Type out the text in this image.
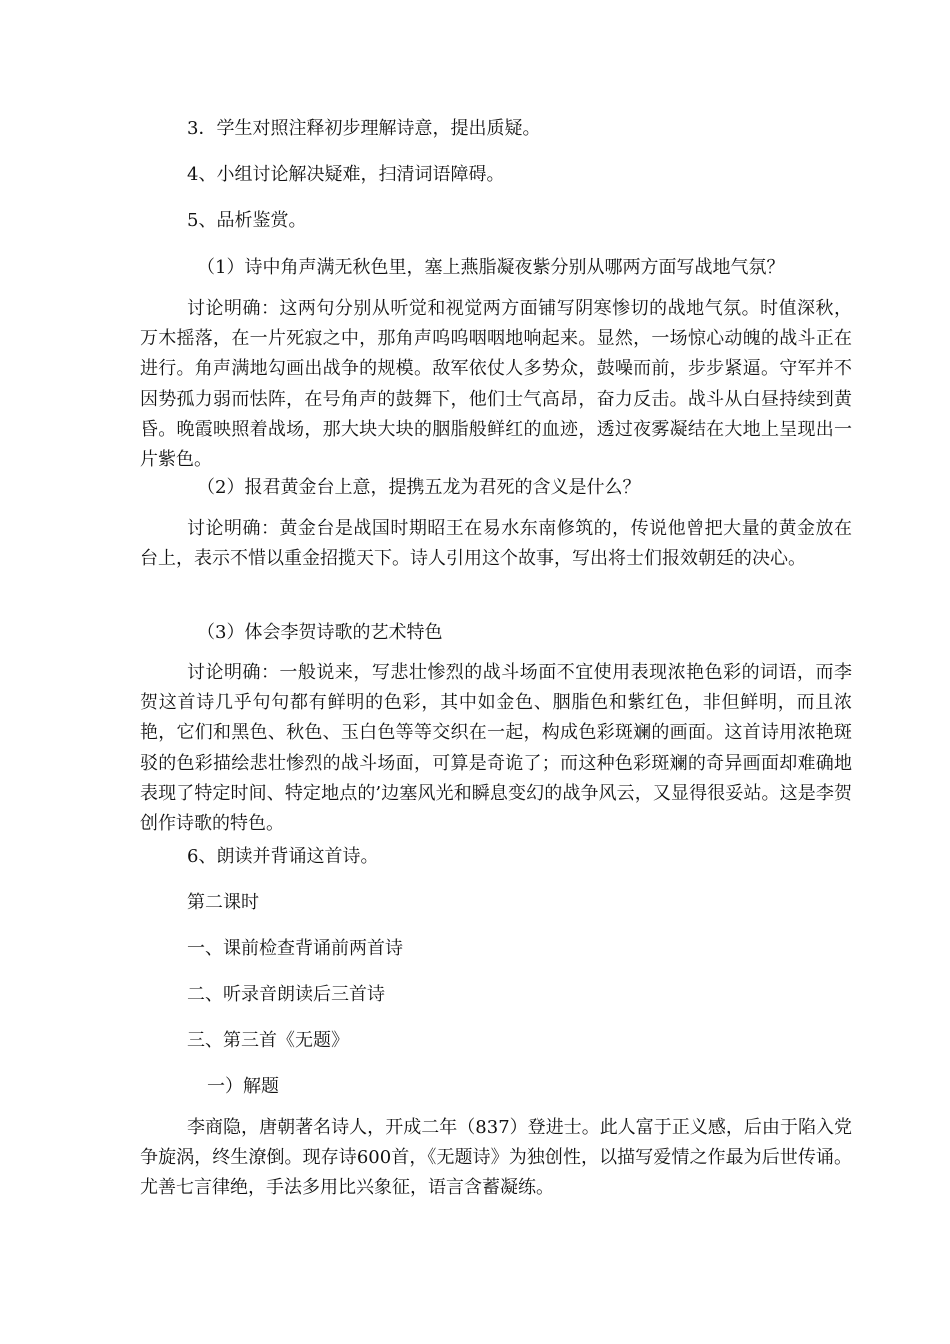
3．学生对照注释初步理解诗意，提出质疑。

4、小组讨论解决疑难，扫清词语障碍。

5、品析鉴赏。

（1）诗中角声满无秋色里，塞上燕脂凝夜紫分别从哪两方面写战地气氛？

讨论明确：这两句分别从听觉和视觉两方面铺写阴寒惨切的战地气氛。时值深秋，万木摇落，在一片死寂之中，那角声呜呜咽咽地响起来。显然，一场惊心动魄的战斗正在进行。角声满地勾画出战争的规模。敌军依仗人多势众，鼓噪而前，步步紧逼。守军并不因势孤力弱而怯阵，在号角声的鼓舞下，他们士气高昂，奋力反击。战斗从白昼持续到黄昏。晚霞映照着战场，那大块大块的胭脂般鲜红的血迹，透过夜雾凝结在大地上呈现出一片紫色。

（2）报君黄金台上意，提携五龙为君死的含义是什么？

讨论明确：黄金台是战国时期昭王在易水东南修筑的，传说他曾把大量的黄金放在台上，表示不惜以重金招揽天下。诗人引用这个故事，写出将士们报效朝廷的决心。

（3）体会李贺诗歌的艺术特色

讨论明确：一般说来，写悲壮惨烈的战斗场面不宜使用表现浓艳色彩的词语，而李贺这首诗几乎句句都有鲜明的色彩，其中如金色、胭脂色和紫红色，非但鲜明，而且浓艳，它们和黑色、秋色、玉白色等等交织在一起，构成色彩斑斓的画面。这首诗用浓艳斑驳的色彩描绘悲壮惨烈的战斗场面，可算是奇诡了；而这种色彩斑斓的奇异画面却难确地表现了特定时间、特定地点的’边塞风光和瞬息变幻的战争风云，又显得很妥站。这是李贺创作诗歌的特色。

6、朗读并背诵这首诗。

第二课时

一、课前检查背诵前两首诗

二、听录音朗读后三首诗

三、第三首《无题》

一）解题

李商隐，唐朝著名诗人，开成二年（837）登进士。此人富于正义感，后由于陷入党争旋涡，终生潦倒。现存诗600首，《无题诗》为独创性，以描写爱情之作最为后世传诵。尤善七言律绝，手法多用比兴象征，语言含蓄凝练。
